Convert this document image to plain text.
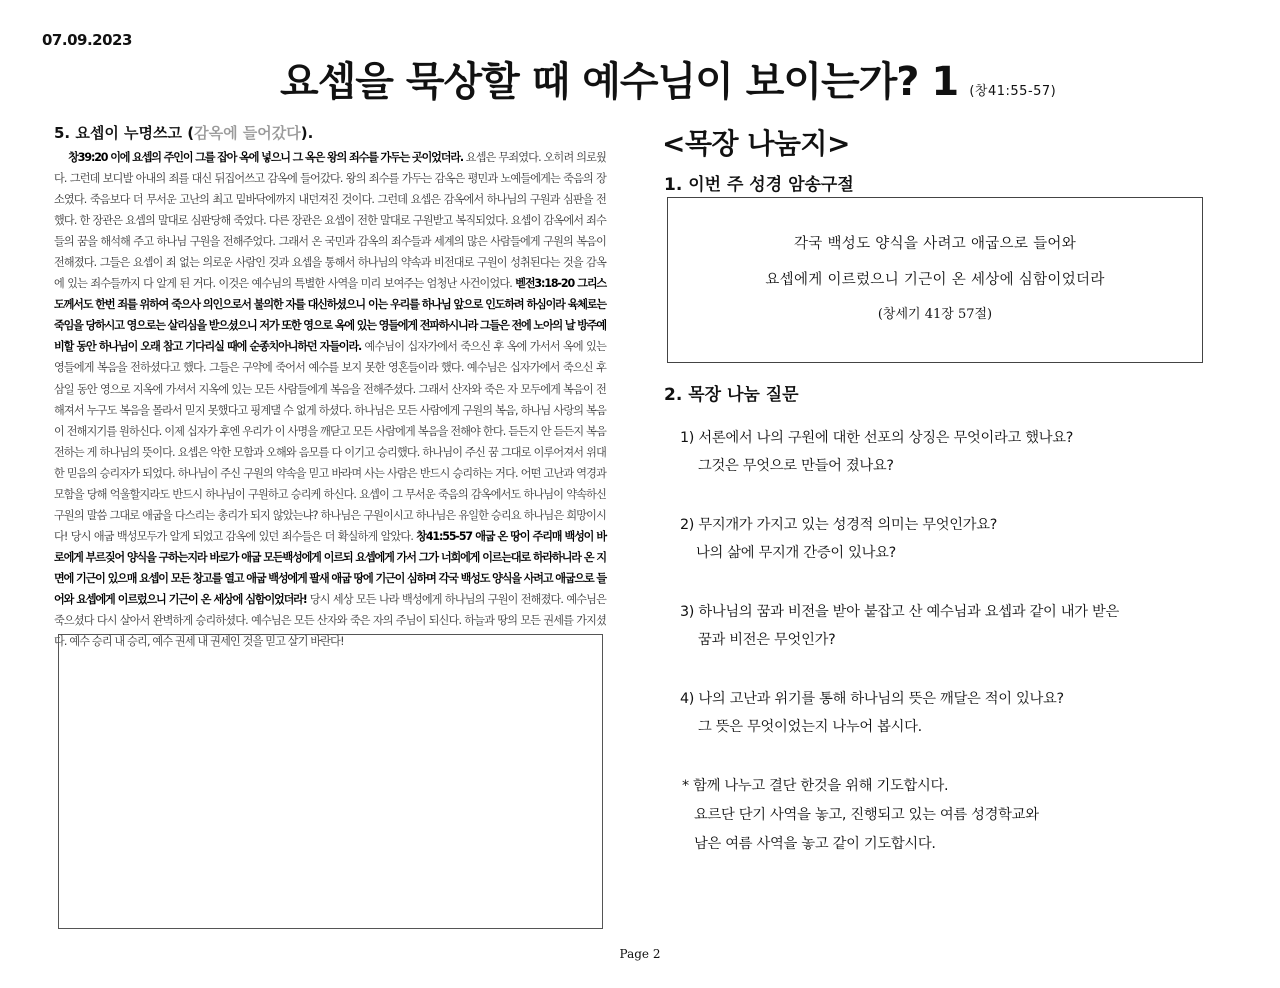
07.09.2023
요셉을 묵상할 때 예수님이 보이는가? 1 (창41:55-57)
5. 요셉이 누명쓰고 (감옥에 들어갔다).

창39:20 이에 요셉의 주인이 그를 잡아 옥에 넣으니 그 옥은 왕의 죄수를 가두는 곳이었더라. 요셉은 무죄였다. 오히려 의로웠다. 그런데 보디발 아내의 죄를 대신 뒤집어쓰고 감옥에 들어갔다. 왕의 죄수를 가두는 감옥은 평민과 노예들에게는 죽음의 장소였다. 죽음보다 더 무서운 고난의 최고 밑바닥에까지 내던져진 것이다. 그런데 요셉은 감옥에서 하나님의 구원과 심판을 전했다. 한 장관은 요셉의 말대로 심판당해 죽었다. 다른 장관은 요셉이 전한 말대로 구원받고 복직되었다. 요셉이 감옥에서 죄수들의 꿈을 해석해 주고 하나님 구원을 전해주었다. 그래서 온 국민과 감옥의 죄수들과 세계의 많은 사람들에게 구원의 복음이 전해졌다. 그들은 요셉이 죄 없는 의로운 사람인 것과 요셉을 통해서 하나님의 약속과 비전대로 구원이 성취된다는 것을 감옥에 있는 죄수들까지 다 알게 된 거다. 이것은 예수님의 특별한 사역을 미리 보여주는 엄청난 사건이었다. 벧전3:18-20 그리스도께서도 한번 죄를 위하여 죽으사 의인으로서 불의한 자를 대신하셨으니 이는 우리를 하나님 앞으로 인도하려 하심이라 육체로는 죽임을 당하시고 영으로는 살리심을 받으셨으니 저가 또한 영으로 옥에 있는 영들에게 전파하시니라 그들은 전에 노아의 날 방주예비할 동안 하나님이 오래 참고 기다리실 때에 순종치아니하던 자들이라. 예수님이 십자가에서 죽으신 후 옥에 가서서 옥에 있는 영들에게 복음을 전하셨다고 했다. 그들은 구약에 죽어서 예수를 보지 못한 영혼들이라 했다. 예수님은 십자가에서 죽으신 후 삼일 동안 영으로 지옥에 가셔서 지옥에 있는 모든 사람들에게 복음을 전해주셨다. 그래서 산자와 죽은 자 모두에게 복음이 전해져서 누구도 복음을 몰라서 믿지 못했다고 핑계댈 수 없게 하셨다. 하나님은 모든 사람에게 구원의 복음, 하나님 사랑의 복음이 전해지기를 원하신다. 이제 십자가 후엔 우리가 이 사명을 깨닫고 모든 사람에게 복음을 전해야 한다. 듣든지 안 듣든지 복음 전하는 게 하나님의 뜻이다. 요셉은 악한 모함과 오해와 음모를 다 이기고 승리했다. 하나님이 주신 꿈 그대로 이루어져서 위대한 믿음의 승리자가 되었다. 하나님이 주신 구원의 약속을 믿고 바라며 사는 사람은 반드시 승리하는 거다. 어떤 고난과 역경과 모함을 당해 억울할지라도 반드시 하나님이 구원하고 승리케 하신다. 요셉이 그 무서운 죽음의 감옥에서도 하나님이 약속하신 구원의 말씀 그대로 애굽을 다스리는 총리가 되지 않았는냐? 하나님은 구원이시고 하나님은 유일한 승리요 하나님은 희망이시다! 당시 애굽 백성모두가 알게 되었고 감옥에 있던 죄수들은 더 확실하게 알았다. 창41:55-57 애굽 온 땅이 주리매 백성이 바로에게 부르짖어 양식을 구하는지라 바로가 애굽 모든백성에게 이르되 요셉에게 가서 그가 너희에게 이르는대로 하라하니라 온 지면에 기근이 있으매 요셉이 모든 창고를 열고 애굽 백성에게 팔새 애굽 땅에 기근이 심하며 각국 백성도 양식을 사려고 애굽으로 들어와 요셉에게 이르렀으니 기근이 온 세상에 심함이었더라! 당시 세상 모든 나라 백성에게 하나님의 구원이 전해졌다. 예수님은 죽으셨다 다시 살아서 완벽하게 승리하셨다. 예수님은 모든 산자와 죽은 자의 주님이 되신다. 하늘과 땅의 모든 권세를 가지셨다. 예수 승리 내 승리, 예수 권세 내 권세인 것을 믿고 살기 바란다!

<목장 나눔지>
1. 이번 주 성경 암송구절
각국 백성도 양식을 사려고 애굽으로 들어와
요셉에게 이르렀으니 기근이 온 세상에 심함이었더라
(창세기 41장 57절)
2. 목장 나눔 질문
1) 서론에서 나의 구원에 대한 선포의 상징은 무엇이라고 했나요?
그것은 무엇으로 만들어 졌나요?
2) 무지개가 가지고 있는 성경적 의미는 무엇인가요?
나의 삶에 무지개 간증이 있나요?
3) 하나님의 꿈과 비전을 받아 붙잡고 산 예수님과 요셉과 같이 내가 받은
꿈과 비전은 무엇인가?
4) 나의 고난과 위기를 통해 하나님의 뜻은 깨달은 적이 있나요?
그 뜻은 무엇이었는지 나누어 봅시다.
* 함께 나누고 결단 한것을 위해 기도합시다.
요르단 단기 사역을 놓고, 진행되고 있는 여름 성경학교와
남은 여름 사역을 놓고 같이 기도합시다.
Page 2
